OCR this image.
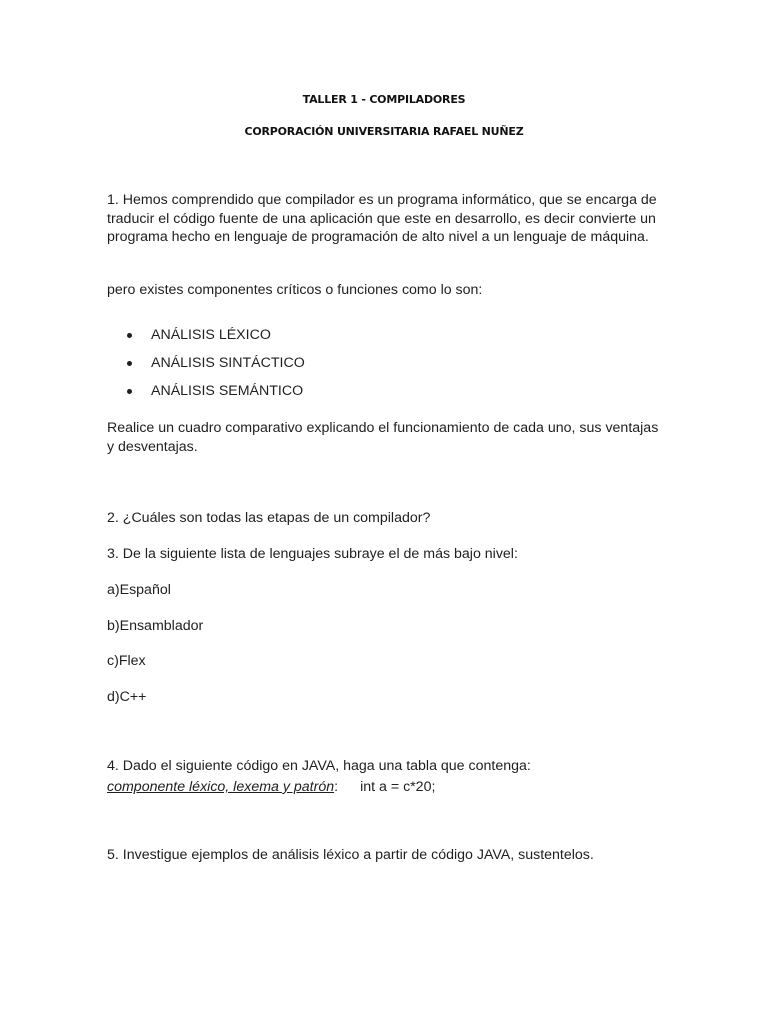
TALLER 1 - COMPILADORES
CORPORACIÓN UNIVERSITARIA RAFAEL NUÑEZ
1. Hemos comprendido que compilador es un programa informático, que se encarga de traducir el código fuente de una aplicación que este en desarrollo, es decir convierte un programa hecho en lenguaje de programación de alto nivel a un lenguaje de máquina.
pero existes componentes críticos o funciones como lo son:
ANÁLISIS LÉXICO
ANÁLISIS SINTÁCTICO
ANÁLISIS SEMÁNTICO
Realice un cuadro comparativo explicando el funcionamiento de cada uno, sus ventajas y desventajas.
2. ¿Cuáles son todas las etapas de un compilador?
3. De la siguiente lista de lenguajes subraye el de más bajo nivel:
a)Español
b)Ensamblador
c)Flex
d)C++
4. Dado el siguiente código en JAVA, haga una tabla que contenga:
componente léxico, lexema y patrón: int a = c*20;
5. Investigue ejemplos de análisis léxico a partir de código JAVA, sustentelos.
